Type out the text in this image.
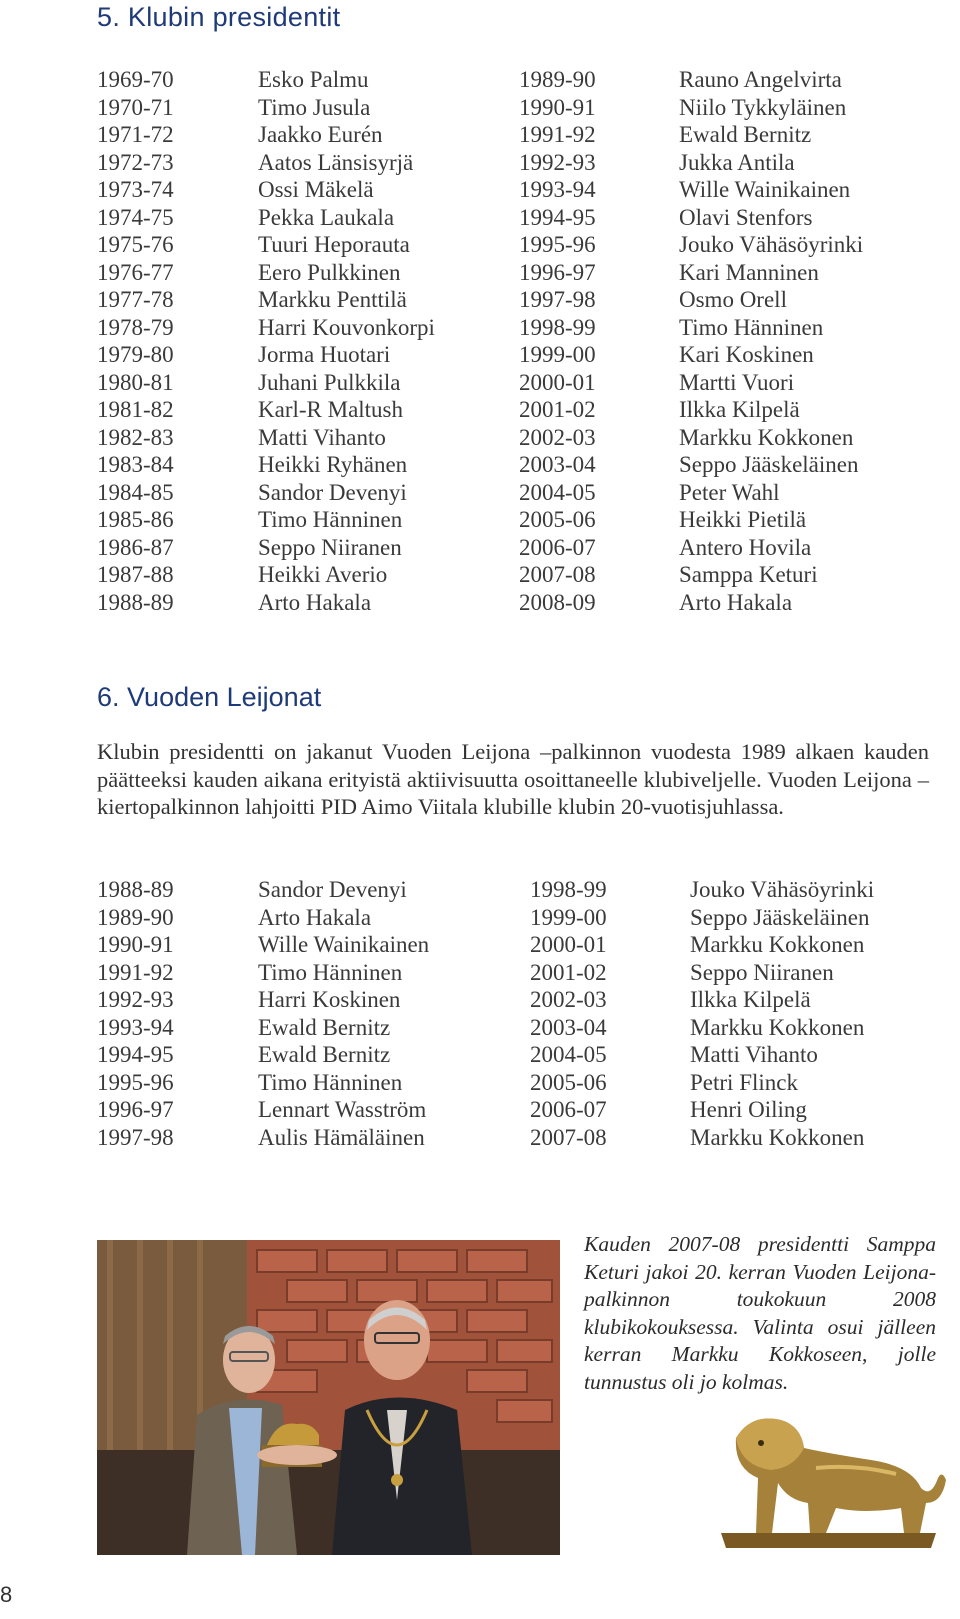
5. Klubin presidentit
1969-70	Esko Palmu	1989-90	Rauno Angelvirta
1970-71	Timo Jusula	1990-91	Niilo Tykkyläinen
1971-72	Jaakko Eurén	1991-92	Ewald Bernitz
1972-73	Aatos Länsisyrjä	1992-93	Jukka Antila
1973-74	Ossi Mäkelä	1993-94	Wille Wainikainen
1974-75	Pekka Laukala	1994-95	Olavi Stenfors
1975-76	Tuuri Heporauta	1995-96	Jouko Vähäsöyrinki
1976-77	Eero Pulkkinen	1996-97	Kari Manninen
1977-78	Markku Penttilä	1997-98	Osmo Orell
1978-79	Harri Kouvonkorpi	1998-99	Timo Hänninen
1979-80	Jorma Huotari	1999-00	Kari Koskinen
1980-81	Juhani Pulkkila	2000-01	Martti Vuori
1981-82	Karl-R Maltush	2001-02	Ilkka Kilpelä
1982-83	Matti Vihanto	2002-03	Markku Kokkonen
1983-84	Heikki Ryhänen	2003-04	Seppo Jääskeläinen
1984-85	Sandor Devenyi	2004-05	Peter Wahl
1985-86	Timo Hänninen	2005-06	Heikki Pietilä
1986-87	Seppo Niiranen	2006-07	Antero Hovila
1987-88	Heikki Averio	2007-08	Samppa Keturi
1988-89	Arto Hakala	2008-09	Arto Hakala
6. Vuoden Leijonat

Klubin presidentti on jakanut Vuoden Leijona –palkinnon vuodesta 1989 alkaen kauden päätteeksi kauden aikana erityistä aktiivisuutta osoittaneelle klubiveljelle. Vuoden Leijona –kiertopalkinnon lahjoitti PID Aimo Viitala klubille klubin 20-vuotisjuhlassa.

1988-89	Sandor Devenyi	1998-99	Jouko Vähäsöyrinki
1989-90	Arto Hakala	1999-00	Seppo Jääskeläinen
1990-91	Wille Wainikainen	2000-01	Markku Kokkonen
1991-92	Timo Hänninen	2001-02	Seppo Niiranen
1992-93	Harri Koskinen	2002-03	Ilkka Kilpelä
1993-94	Ewald Bernitz	2003-04	Markku Kokkonen
1994-95	Ewald Bernitz	2004-05	Matti Vihanto
1995-96	Timo Hänninen	2005-06	Petri Flinck
1996-97	Lennart Wasström	2006-07	Henri Oiling
1997-98	Aulis Hämäläinen	2007-08	Markku Kokkonen

Kauden 2007-08 presidentti Samppa Keturi jakoi 20. kerran Vuoden Leijona-palkinnon toukokuun 2008 klubikokouksessa. Valinta osui jälleen kerran Markku Kokkoseen, jolle tunnustus oli jo kolmas.

8
